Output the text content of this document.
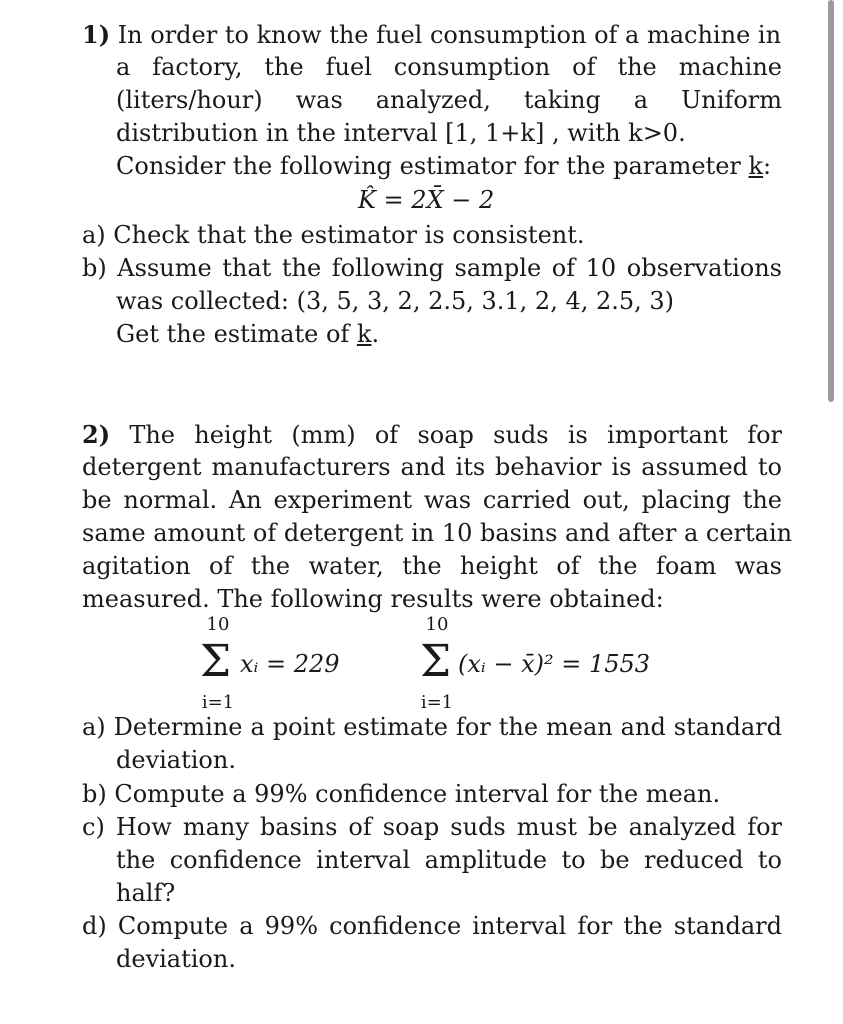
1) In order to know the fuel consumption of a machine in
a factory, the fuel consumption of the machine
(liters/hour) was analyzed, taking a Uniform
distribution in the interval [1, 1+k] , with k>0.
Consider the following estimator for the parameter k:
K̂ = 2X̄ − 2
a) Check that the estimator is consistent.
b) Assume that the following sample of 10 observations
was collected: (3, 5, 3, 2, 2.5, 3.1, 2, 4, 2.5, 3)
Get the estimate of k.
2) The height (mm) of soap suds is important for
detergent manufacturers and its behavior is assumed to
be normal. An experiment was carried out, placing the
same amount of detergent in 10 basins and after a certain
agitation of the water, the height of the foam was
measured. The following results were obtained:
10
Σ xᵢ = 229
i=1
10
Σ (xᵢ − x̄)² = 1553
i=1
a) Determine a point estimate for the mean and standard
deviation.
b) Compute a 99% confidence interval for the mean.
c) How many basins of soap suds must be analyzed for
the confidence interval amplitude to be reduced to
half?
d) Compute a 99% confidence interval for the standard
deviation.
